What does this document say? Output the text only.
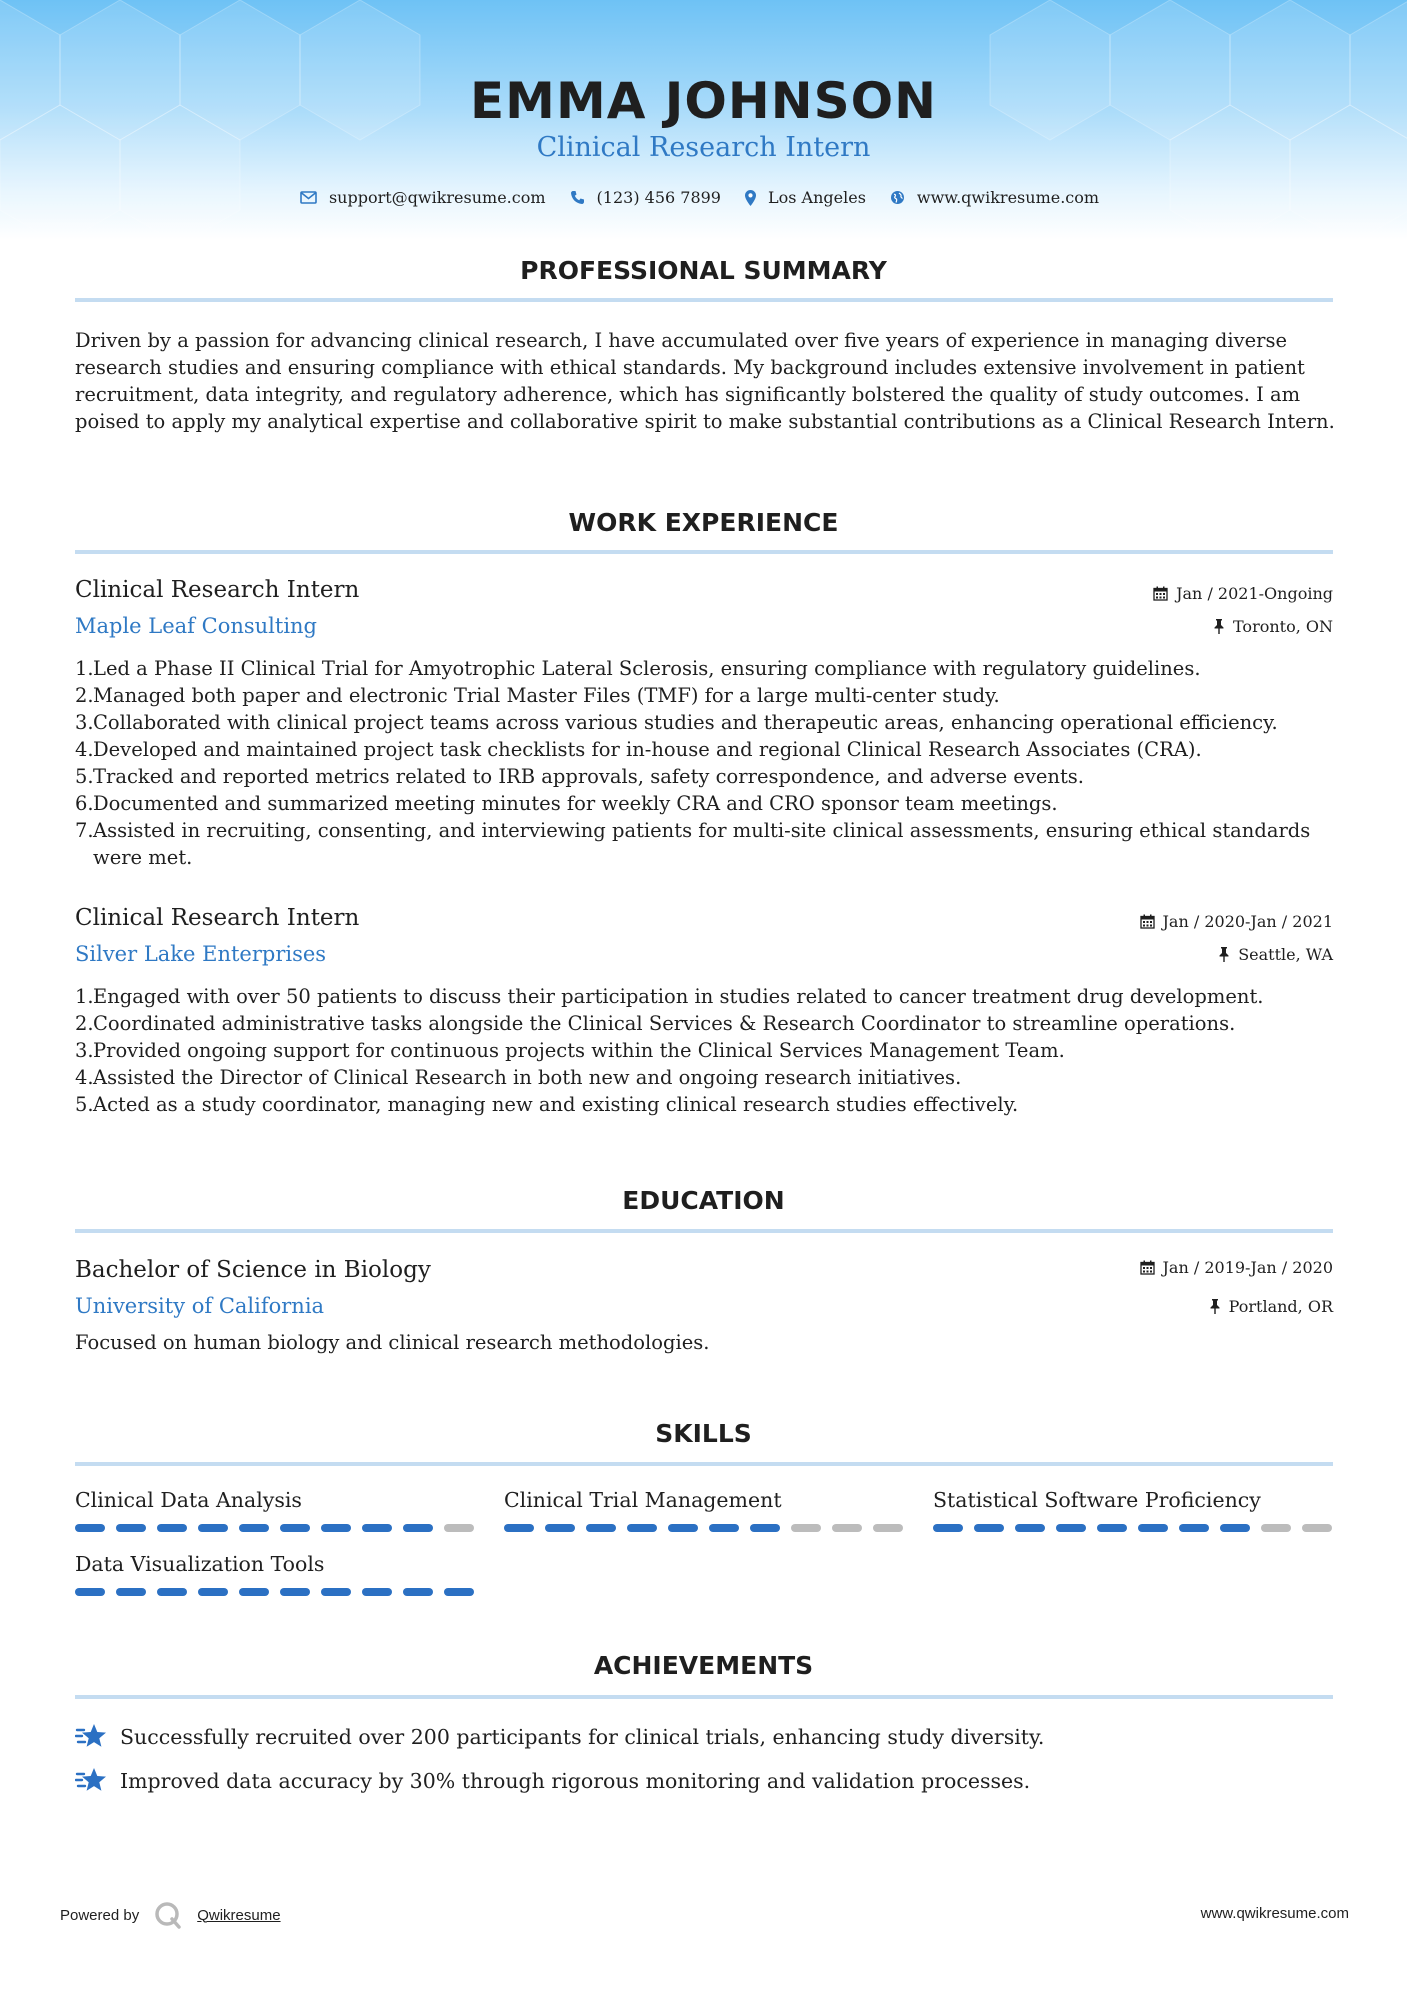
EMMA JOHNSON
Clinical Research Intern
support@qwikresume.com	(123) 456 7899	Los Angeles	www.qwikresume.com
PROFESSIONAL SUMMARY
Driven by a passion for advancing clinical research, I have accumulated over five years of experience in managing diverse research studies and ensuring compliance with ethical standards. My background includes extensive involvement in patient recruitment, data integrity, and regulatory adherence, which has significantly bolstered the quality of study outcomes. I am poised to apply my analytical expertise and collaborative spirit to make substantial contributions as a Clinical Research Intern.
WORK EXPERIENCE
Clinical Research Intern
Maple Leaf Consulting
Jan / 2021-Ongoing
Toronto, ON
1. Led a Phase II Clinical Trial for Amyotrophic Lateral Sclerosis, ensuring compliance with regulatory guidelines.
2. Managed both paper and electronic Trial Master Files (TMF) for a large multi-center study.
3. Collaborated with clinical project teams across various studies and therapeutic areas, enhancing operational efficiency.
4. Developed and maintained project task checklists for in-house and regional Clinical Research Associates (CRA).
5. Tracked and reported metrics related to IRB approvals, safety correspondence, and adverse events.
6. Documented and summarized meeting minutes for weekly CRA and CRO sponsor team meetings.
7. Assisted in recruiting, consenting, and interviewing patients for multi-site clinical assessments, ensuring ethical standards were met.
Clinical Research Intern
Silver Lake Enterprises
Jan / 2020-Jan / 2021
Seattle, WA
1. Engaged with over 50 patients to discuss their participation in studies related to cancer treatment drug development.
2. Coordinated administrative tasks alongside the Clinical Services & Research Coordinator to streamline operations.
3. Provided ongoing support for continuous projects within the Clinical Services Management Team.
4. Assisted the Director of Clinical Research in both new and ongoing research initiatives.
5. Acted as a study coordinator, managing new and existing clinical research studies effectively.
EDUCATION
Bachelor of Science in Biology
University of California
Jan / 2019-Jan / 2020
Portland, OR
Focused on human biology and clinical research methodologies.
SKILLS
Clinical Data Analysis	Clinical Trial Management	Statistical Software Proficiency
Data Visualization Tools
ACHIEVEMENTS
Successfully recruited over 200 participants for clinical trials, enhancing study diversity.
Improved data accuracy by 30% through rigorous monitoring and validation processes.
Powered by	Qwikresume	www.qwikresume.com
